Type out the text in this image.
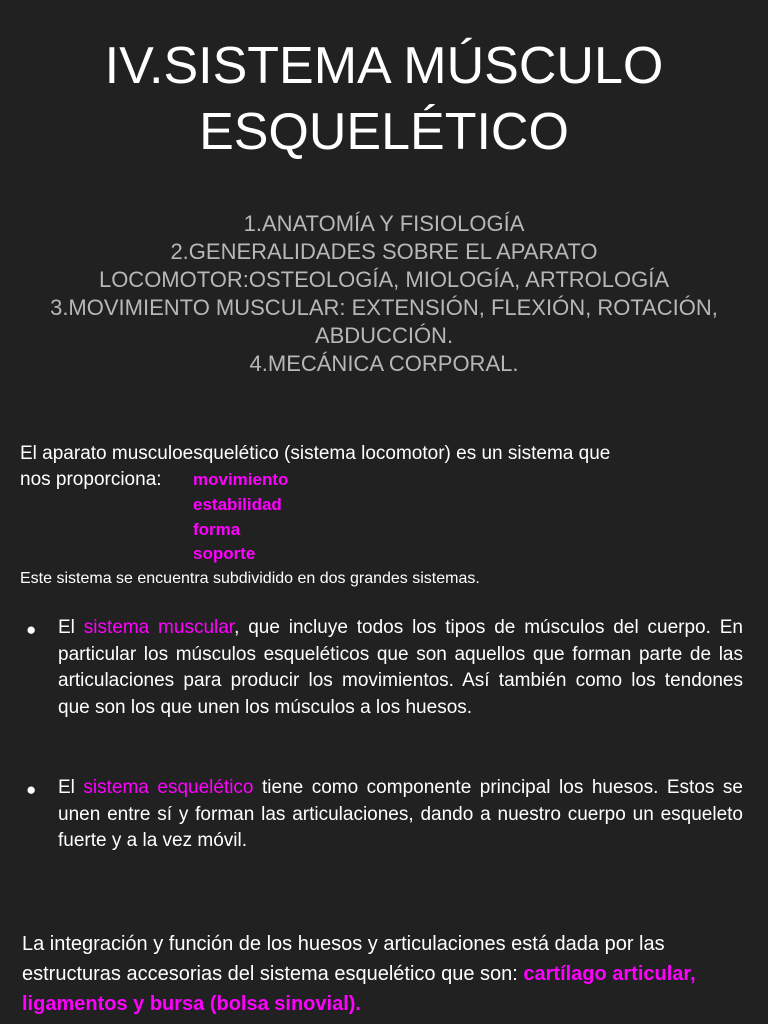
IV.SISTEMA MÚSCULO
ESQUELÉTICO
1.ANATOMÍA Y FISIOLOGÍA
2.GENERALIDADES SOBRE EL APARATO
LOCOMOTOR:OSTEOLOGÍA, MIOLOGÍA, ARTROLOGÍA
3.MOVIMIENTO MUSCULAR: EXTENSIÓN, FLEXIÓN, ROTACIÓN,
ABDUCCIÓN.
4.MECÁNICA CORPORAL.
El aparato musculoesquelético (sistema locomotor) es un sistema que
nos proporciona: movimiento
estabilidad
forma
soporte
Este sistema se encuentra subdividido en dos grandes sistemas.
● El sistema muscular, que incluye todos los tipos de músculos del cuerpo. En particular los músculos esqueléticos que son aquellos que forman parte de las articulaciones para producir los movimientos. Así también como los tendones que son los que unen los músculos a los huesos.
● El sistema esquelético tiene como componente principal los huesos. Estos se unen entre sí y forman las articulaciones, dando a nuestro cuerpo un esqueleto fuerte y a la vez móvil.
La integración y función de los huesos y articulaciones está dada por las estructuras accesorias del sistema esquelético que son: cartílago articular, ligamentos y bursa (bolsa sinovial).
